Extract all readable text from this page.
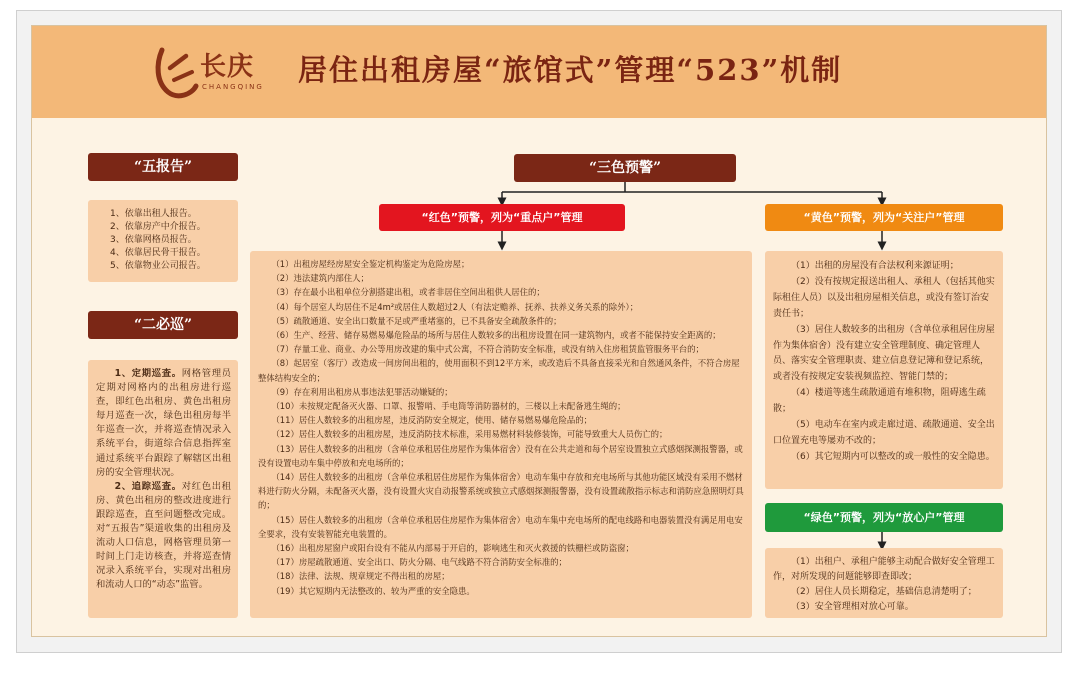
长庆
CHANGQING 居住出租房屋“旅馆式”管理“523”机制
“五报告”
1、依靠出租人报告。
2、依靠房产中介报告。
3、依靠网格员报告。
4、依靠居民骨干报告。
5、依靠物业公司报告。
“二必巡”

1、定期巡查。网格管理员定期对网格内的出租房进行巡查，即红色出租房、黄色出租房每月巡查一次，绿色出租房每半年巡查一次，并将巡查情况录入系统平台，街道综合信息指挥室通过系统平台跟踪了解辖区出租房的安全管理状况。

2、追踪巡查。对红色出租房、黄色出租房的整改进度进行跟踪巡查，直至问题整改完成。对“五报告”渠道收集的出租房及流动人口信息，网格管理员第一时间上门走访核查，并将巡查情况录入系统平台，实现对出租房和流动人口的“动态”监管。

“三色预警”
“红色”预警，列为“重点户”管理

（1）出租房屋经房屋安全鉴定机构鉴定为危险房屋；

（2）违法建筑内部住人；

（3）存在最小出租单位分割搭建出租，或者非居住空间出租供人居住的；

（4）每个居室人均居住不足4m²或居住人数超过2人（有法定赡养、抚养、扶养义务关系的除外）；

（5）疏散通道、安全出口数量不足或严重堵塞的，已不具备安全疏散条件的；

（6）生产、经营、储存易燃易爆危险品的场所与居住人数较多的出租房设置在同一建筑物内，或者不能保持安全距离的；

（7）存量工业、商业、办公等用房改建的集中式公寓，不符合消防安全标准，或没有纳入住房租赁监管服务平台的；

（8）起居室（客厅）改造成一间房间出租的，使用面积不到12平方米，或改造后不具备直接采光和自然通风条件，不符合房屋整体结构安全的；

（9）存在利用出租房从事违法犯罪活动嫌疑的；

（10）未按规定配备灭火器、口罩、报警哨、手电筒等消防器材的，三楼以上未配备逃生绳的；

（11）居住人数较多的出租房屋，违反消防安全规定，使用、储存易燃易爆危险品的；

（12）居住人数较多的出租房屋，违反消防技术标准，采用易燃材料装修装饰，可能导致重大人员伤亡的；

（13）居住人数较多的出租房（含单位承租居住房屋作为集体宿舍）没有在公共走道和每个居室设置独立式感烟探测报警器，或没有设置电动车集中停放和充电场所的；

（14）居住人数较多的出租房（含单位承租居住房屋作为集体宿舍）电动车集中存放和充电场所与其他功能区域没有采用不燃材料进行防火分隔，未配备灭火器，没有设置火灾自动报警系统或独立式感烟探测报警器，没有设置疏散指示标志和消防应急照明灯具的；

（15）居住人数较多的出租房（含单位承租居住房屋作为集体宿舍）电动车集中充电场所的配电线路和电器装置没有满足用电安全要求，没有安装智能充电装置的。

（16）出租房屋窗户或阳台设有不能从内部易于开启的，影响逃生和灭火救援的铁栅栏或防盗窗；

（17）房屋疏散通道、安全出口、防火分隔、电气线路不符合消防安全标准的；

（18）法律、法规、规章规定不得出租的房屋；

（19）其它短期内无法整改的、较为严重的安全隐患。

“黄色”预警，列为“关注户”管理

（1）出租的房屋没有合法权利来源证明；

（2）没有按规定报送出租人、承租人（包括其他实际租住人员）以及出租房屋相关信息，或没有签订治安责任书；

（3）居住人数较多的出租房（含单位承租居住房屋作为集体宿舍）没有建立安全管理制度、确定管理人员、落实安全管理职责、建立信息登记簿和登记系统，或者没有按规定安装视频监控、智能门禁的；

（4）楼道等逃生疏散通道有堆积物，阻碍逃生疏散；

（5）电动车在室内或走廊过道、疏散通道、安全出口位置充电等屡劝不改的；

（6）其它短期内可以整改的或一般性的安全隐患。

“绿色”预警，列为“放心户”管理

（1）出租户、承租户能够主动配合做好安全管理工作，对所发现的问题能够即查即改；

（2）居住人员长期稳定，基础信息清楚明了；

（3）安全管理相对放心可靠。
